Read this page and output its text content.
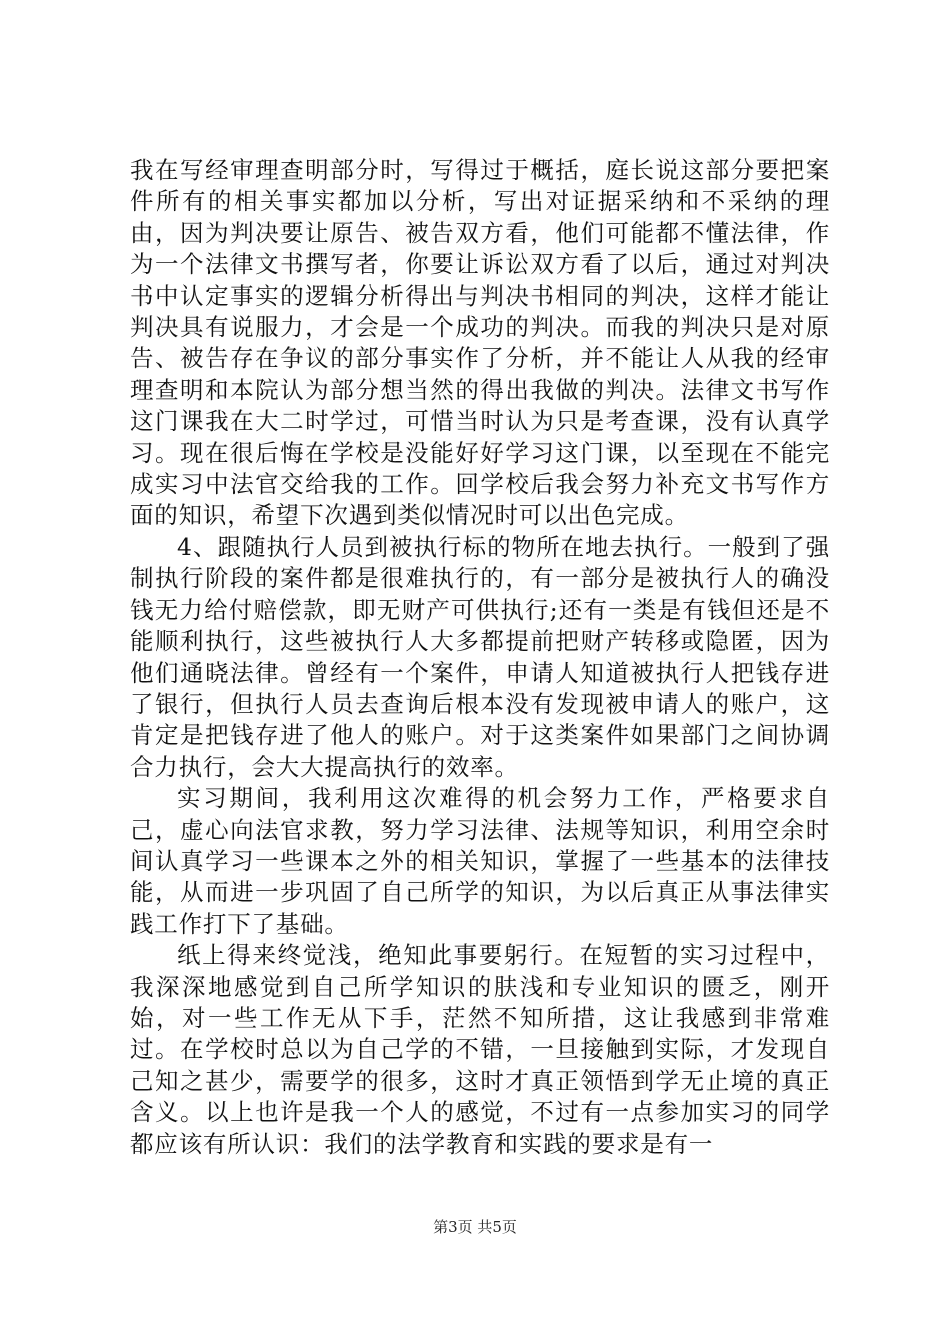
我在写经审理查明部分时，写得过于概括，庭长说这部分要把案件所有的相关事实都加以分析，写出对证据采纳和不采纳的理由，因为判决要让原告、被告双方看，他们可能都不懂法律，作为一个法律文书撰写者，你要让诉讼双方看了以后，通过对判决书中认定事实的逻辑分析得出与判决书相同的判决，这样才能让判决具有说服力，才会是一个成功的判决。而我的判决只是对原告、被告存在争议的部分事实作了分析，并不能让人从我的经审理查明和本院认为部分想当然的得出我做的判决。法律文书写作这门课我在大二时学过，可惜当时认为只是考查课，没有认真学习。现在很后悔在学校是没能好好学习这门课，以至现在不能完成实习中法官交给我的工作。回学校后我会努力补充文书写作方面的知识，希望下次遇到类似情况时可以出色完成。

4、跟随执行人员到被执行标的物所在地去执行。一般到了强制执行阶段的案件都是很难执行的，有一部分是被执行人的确没钱无力给付赔偿款，即无财产可供执行;还有一类是有钱但还是不能顺利执行，这些被执行人大多都提前把财产转移或隐匿，因为他们通晓法律。曾经有一个案件，申请人知道被执行人把钱存进了银行，但执行人员去查询后根本没有发现被申请人的账户，这肯定是把钱存进了他人的账户。对于这类案件如果部门之间协调合力执行，会大大提高执行的效率。

实习期间，我利用这次难得的机会努力工作，严格要求自己，虚心向法官求教，努力学习法律、法规等知识，利用空余时间认真学习一些课本之外的相关知识，掌握了一些基本的法律技能，从而进一步巩固了自己所学的知识，为以后真正从事法律实践工作打下了基础。

纸上得来终觉浅，绝知此事要躬行。在短暂的实习过程中，我深深地感觉到自己所学知识的肤浅和专业知识的匮乏，刚开始，对一些工作无从下手，茫然不知所措，这让我感到非常难过。在学校时总以为自己学的不错，一旦接触到实际，才发现自己知之甚少，需要学的很多，这时才真正领悟到学无止境的真正含义。以上也许是我一个人的感觉，不过有一点参加实习的同学都应该有所认识：我们的法学教育和实践的要求是有一

第3页 共5页
